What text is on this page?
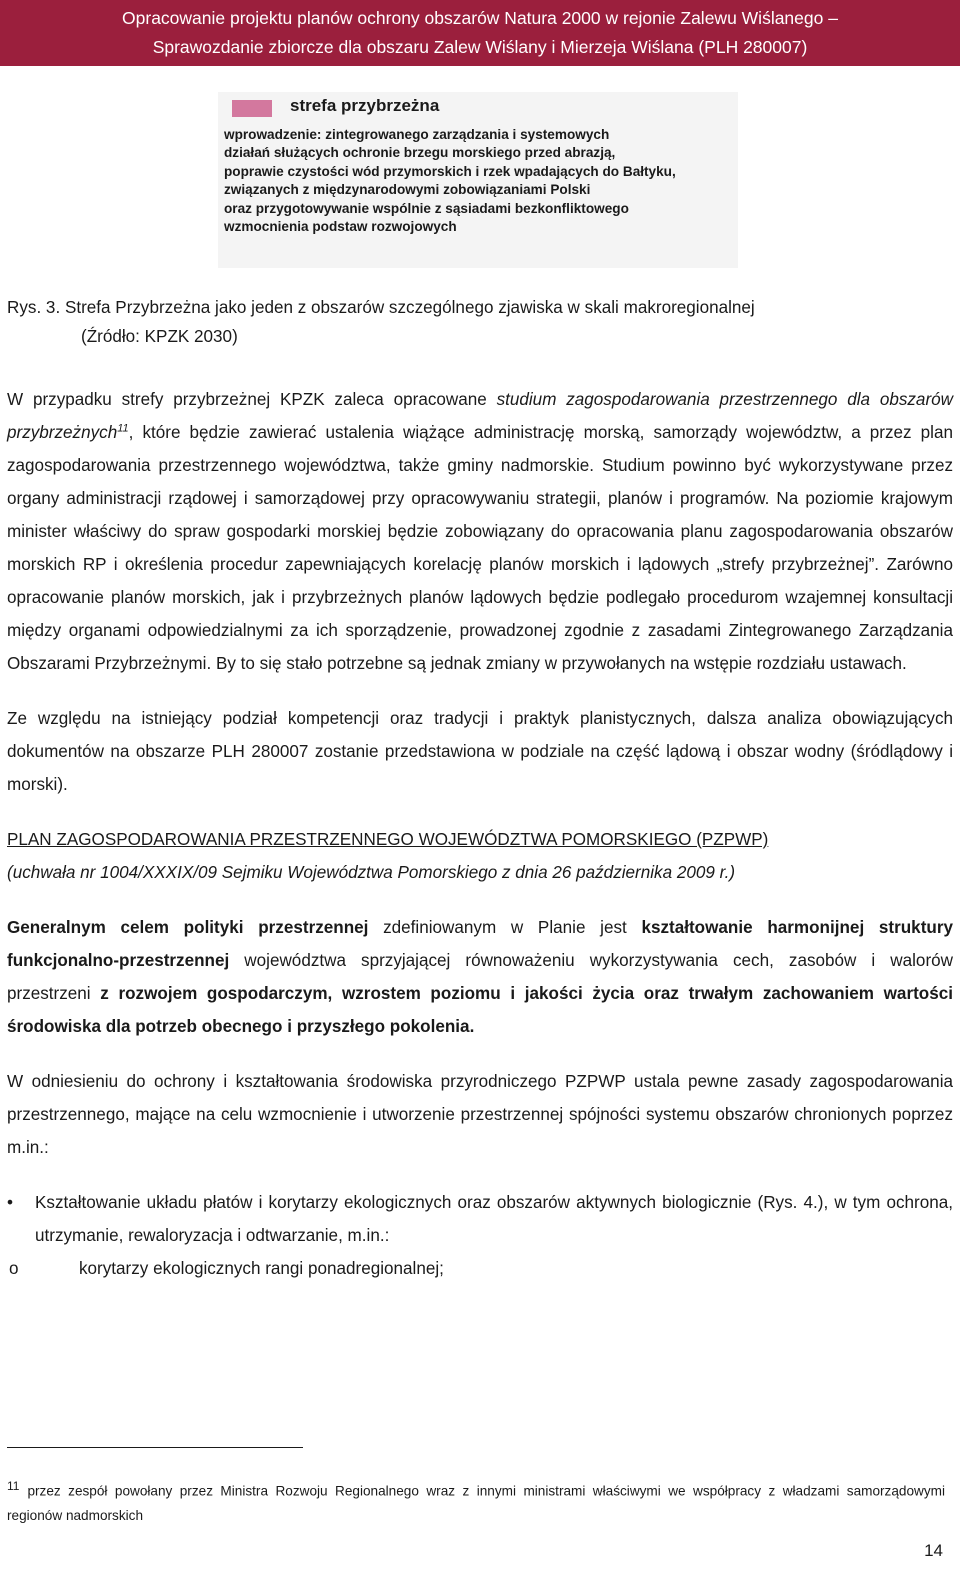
Opracowanie projektu planów ochrony obszarów Natura 2000 w rejonie Zalewu Wiślanego –
Sprawozdanie zbiorcze dla obszaru Zalew Wiślany i Mierzeja Wiślana (PLH 280007)
strefa przybrzeżna
wprowadzenie: zintegrowanego zarządzania i systemowych
działań służących ochronie brzegu morskiego przed abrazją,
poprawie czystości wód przymorskich i rzek wpadających do Bałtyku,
związanych z międzynarodowymi zobowiązaniami Polski
oraz przygotowywanie wspólnie z sąsiadami bezkonfliktowego
wzmocnienia podstaw rozwojowych

Rys. 3. Strefa Przybrzeżna jako jeden z obszarów szczególnego zjawiska w skali makroregionalnej
(Źródło: KPZK 2030)

W przypadku strefy przybrzeżnej KPZK zaleca opracowane studium zagospodarowania przestrzennego dla obszarów przybrzeżnych$^{11}$, które będzie zawierać ustalenia wiążące administrację morską, samorządy województw, a przez plan zagospodarowania przestrzennego województwa, także gminy nadmorskie. Studium powinno być wykorzystywane przez organy administracji rządowej i samorządowej przy opracowywaniu strategii, planów i programów. Na poziomie krajowym minister właściwy do spraw gospodarki morskiej będzie zobowiązany do opracowania planu zagospodarowania obszarów morskich RP i określenia procedur zapewniających korelację planów morskich i lądowych „strefy przybrzeżnej”. Zarówno opracowanie planów morskich, jak i przybrzeżnych planów lądowych będzie podlegało procedurom wzajemnej konsultacji między organami odpowiedzialnymi za ich sporządzenie, prowadzonej zgodnie z zasadami Zintegrowanego Zarządzania Obszarami Przybrzeżnymi. By to się stało potrzebne są jednak zmiany w przywołanych na wstępie rozdziału ustawach.

Ze względu na istniejący podział kompetencji oraz tradycji i praktyk planistycznych, dalsza analiza obowiązujących dokumentów na obszarze PLH 280007 zostanie przedstawiona w podziale na część lądową i obszar wodny (śródlądowy i morski).

PLAN ZAGOSPODAROWANIA PRZESTRZENNEGO WOJEWÓDZTWA POMORSKIEGO (PZPWP)
(uchwała nr 1004/XXXIX/09 Sejmiku Województwa Pomorskiego z dnia 26 października 2009 r.)

Generalnym celem polityki przestrzennej zdefiniowanym w Planie jest kształtowanie harmonijnej struktury funkcjonalno-przestrzennej województwa sprzyjającej równoważeniu wykorzystywania cech, zasobów i walorów przestrzeni z rozwojem gospodarczym, wzrostem poziomu i jakości życia oraz trwałym zachowaniem wartości środowiska dla potrzeb obecnego i przyszłego pokolenia.

W odniesieniu do ochrony i kształtowania środowiska przyrodniczego PZPWP ustala pewne zasady zagospodarowania przestrzennego, mające na celu wzmocnienie i utworzenie przestrzennej spójności systemu obszarów chronionych poprzez m.in.:

• Kształtowanie układu płatów i korytarzy ekologicznych oraz obszarów aktywnych biologicznie (Rys. 4.), w tym ochrona, utrzymanie, rewaloryzacja i odtwarzanie, m.in.:
o	korytarzy ekologicznych rangi ponadregionalnej;
11 przez zespół powołany przez Ministra Rozwoju Regionalnego wraz z innymi ministrami właściwymi we współpracy z władzami samorządowymi regionów nadmorskich
14
